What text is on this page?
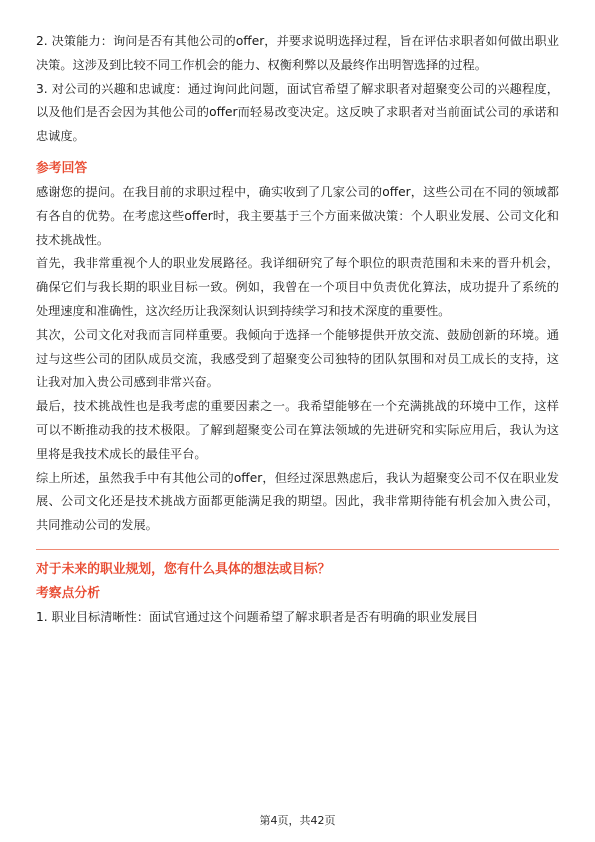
2. 决策能力：询问是否有其他公司的offer，并要求说明选择过程，旨在评估求职者如何做出职业决策。这涉及到比较不同工作机会的能力、权衡利弊以及最终作出明智选择的过程。

3. 对公司的兴趣和忠诚度：通过询问此问题，面试官希望了解求职者对超聚变公司的兴趣程度，以及他们是否会因为其他公司的offer而轻易改变决定。这反映了求职者对当前面试公司的承诺和忠诚度。

参考回答

感谢您的提问。在我目前的求职过程中，确实收到了几家公司的offer，这些公司在不同的领域都有各自的优势。在考虑这些offer时，我主要基于三个方面来做决策：个人职业发展、公司文化和技术挑战性。

首先，我非常重视个人的职业发展路径。我详细研究了每个职位的职责范围和未来的晋升机会，确保它们与我长期的职业目标一致。例如，我曾在一个项目中负责优化算法，成功提升了系统的处理速度和准确性，这次经历让我深刻认识到持续学习和技术深度的重要性。

其次，公司文化对我而言同样重要。我倾向于选择一个能够提供开放交流、鼓励创新的环境。通过与这些公司的团队成员交流，我感受到了超聚变公司独特的团队氛围和对员工成长的支持，这让我对加入贵公司感到非常兴奋。

最后，技术挑战性也是我考虑的重要因素之一。我希望能够在一个充满挑战的环境中工作，这样可以不断推动我的技术极限。了解到超聚变公司在算法领域的先进研究和实际应用后，我认为这里将是我技术成长的最佳平台。

综上所述，虽然我手中有其他公司的offer，但经过深思熟虑后，我认为超聚变公司不仅在职业发展、公司文化还是技术挑战方面都更能满足我的期望。因此，我非常期待能有机会加入贵公司，共同推动公司的发展。

对于未来的职业规划，您有什么具体的想法或目标？
考察点分析

1. 职业目标清晰性：面试官通过这个问题希望了解求职者是否有明确的职业发展目

第4页，共42页
